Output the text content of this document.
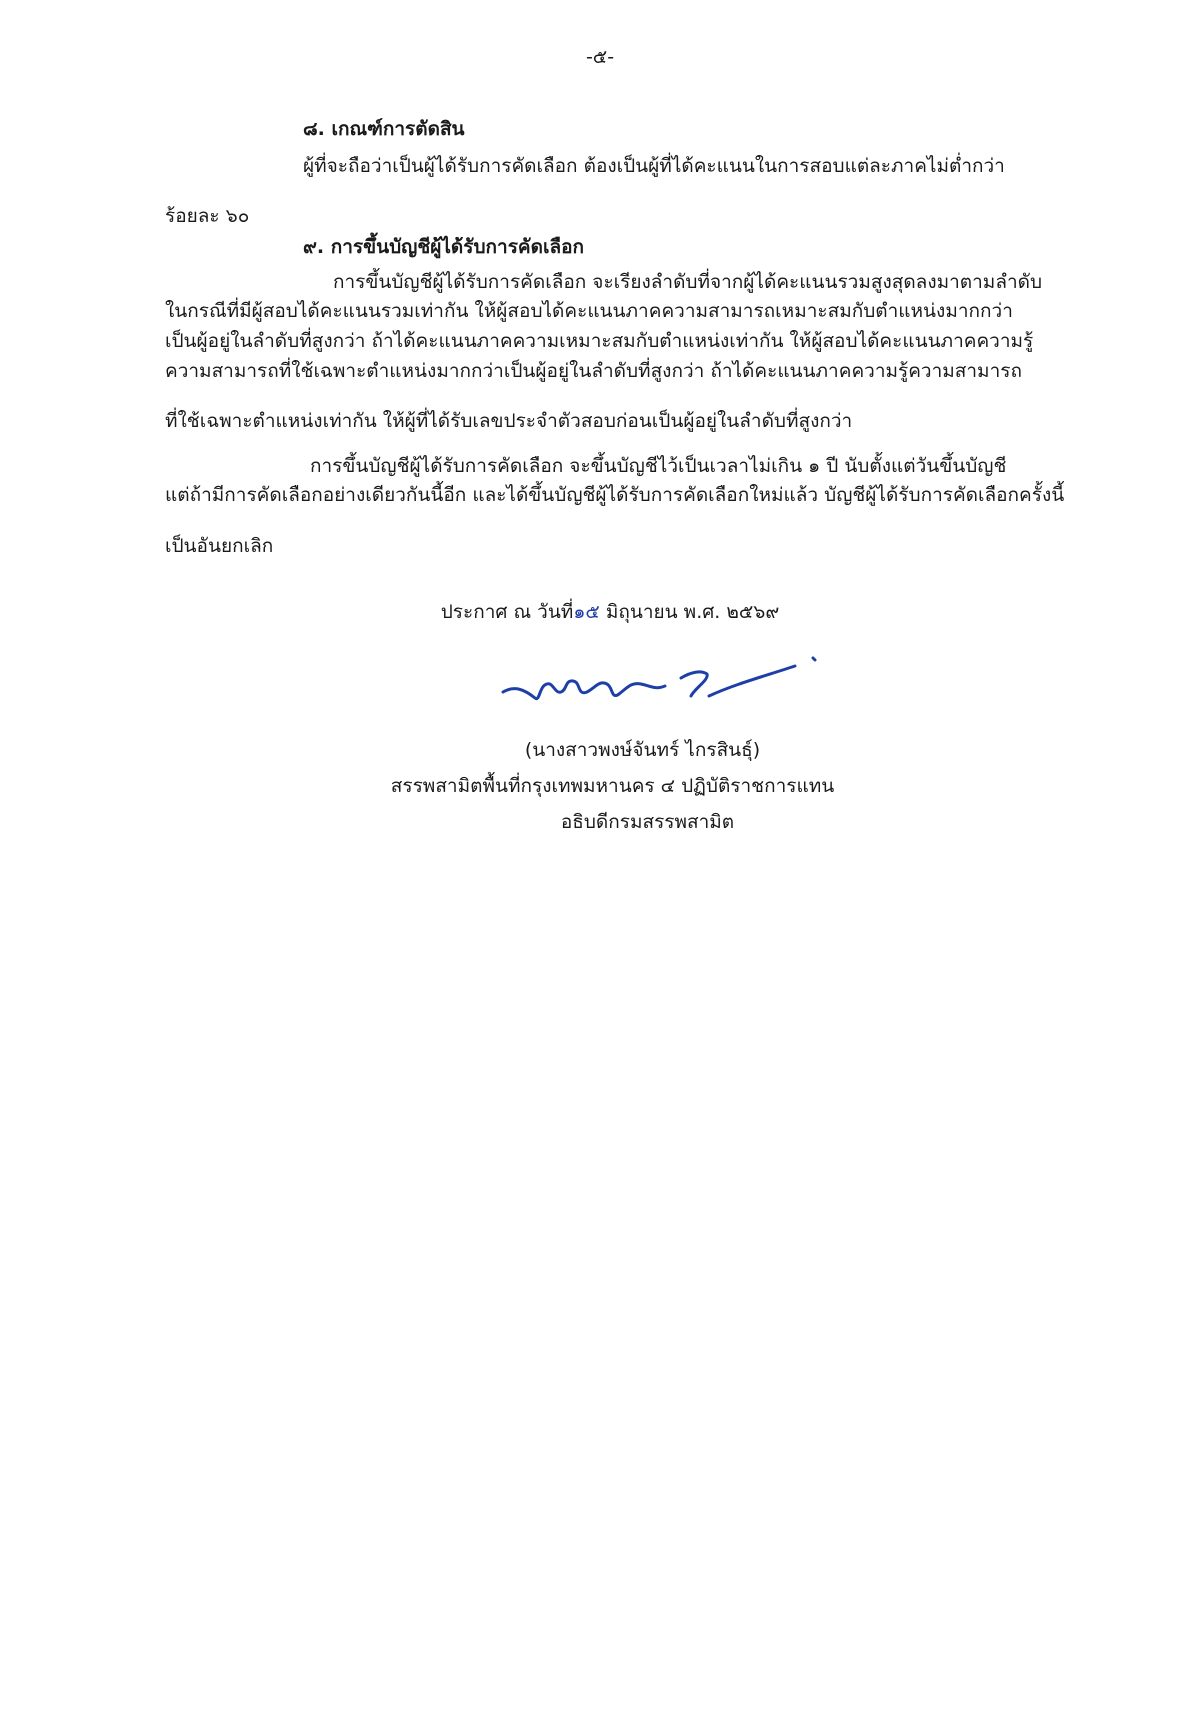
-๕-
๘. เกณฑ์การตัดสิน
ผู้ที่จะถือว่าเป็นผู้ได้รับการคัดเลือก ต้องเป็นผู้ที่ได้คะแนนในการสอบแต่ละภาคไม่ต่ำกว่า
ร้อยละ ๖๐
๙. การขึ้นบัญชีผู้ได้รับการคัดเลือก
การขึ้นบัญชีผู้ได้รับการคัดเลือก จะเรียงลำดับที่จากผู้ได้คะแนนรวมสูงสุดลงมาตามลำดับ
ในกรณีที่มีผู้สอบได้คะแนนรวมเท่ากัน ให้ผู้สอบได้คะแนนภาคความสามารถเหมาะสมกับตำแหน่งมากกว่า
เป็นผู้อยู่ในลำดับที่สูงกว่า ถ้าได้คะแนนภาคความเหมาะสมกับตำแหน่งเท่ากัน ให้ผู้สอบได้คะแนนภาคความรู้
ความสามารถที่ใช้เฉพาะตำแหน่งมากกว่าเป็นผู้อยู่ในลำดับที่สูงกว่า ถ้าได้คะแนนภาคความรู้ความสามารถ
ที่ใช้เฉพาะตำแหน่งเท่ากัน ให้ผู้ที่ได้รับเลขประจำตัวสอบก่อนเป็นผู้อยู่ในลำดับที่สูงกว่า
การขึ้นบัญชีผู้ได้รับการคัดเลือก จะขึ้นบัญชีไว้เป็นเวลาไม่เกิน ๑ ปี นับตั้งแต่วันขึ้นบัญชี
แต่ถ้ามีการคัดเลือกอย่างเดียวกันนี้อีก และได้ขึ้นบัญชีผู้ได้รับการคัดเลือกใหม่แล้ว บัญชีผู้ได้รับการคัดเลือกครั้งนี้
เป็นอันยกเลิก
ประกาศ ณ วันที่๑๕ มิถุนายน พ.ศ. ๒๕๖๙
(นางสาวพงษ์จันทร์ ไกรสินธุ์)
สรรพสามิตพื้นที่กรุงเทพมหานคร ๔ ปฏิบัติราชการแทน
อธิบดีกรมสรรพสามิต
